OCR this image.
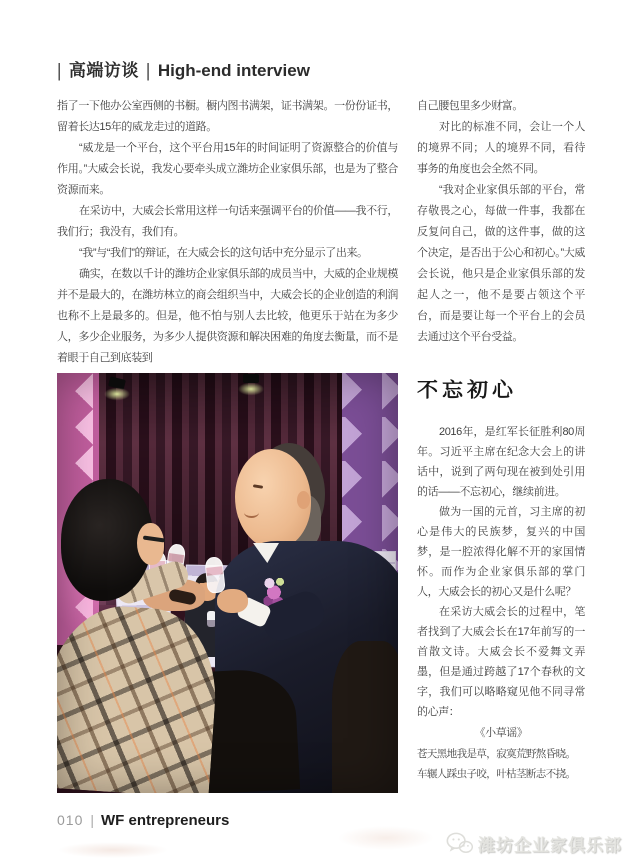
| 高端访谈 | High-end interview

指了一下他办公室西侧的书橱。橱内图书满架，证书满架。一份份证书，留着长达15年的威龙走过的道路。

“威龙是一个平台，这个平台用15年的时间证明了资源整合的价值与作用。”大威会长说，我发心要牵头成立潍坊企业家俱乐部，也是为了整合资源而来。

在采访中，大威会长常用这样一句话来强调平台的价值——我不行，我们行；我没有，我们有。

“我”与“我们”的辩证，在大威会长的这句话中充分显示了出来。

确实，在数以千计的潍坊企业家俱乐部的成员当中，大威的企业规模并不是最大的，在潍坊林立的商会组织当中，大威会长的企业创造的利润也称不上是最多的。但是，他不怕与别人去比较，他更乐于站在为多少人，多少企业服务，为多少人提供资源和解决困难的角度去衡量，而不是着眼于自己到底装到

自己腰包里多少财富。

对比的标准不同，会让一个人的境界不同；人的境界不同，看待事务的角度也会全然不同。

“我对企业家俱乐部的平台，常存敬畏之心，每做一件事，我都在反复问自己，做的这件事，做的这个决定，是否出于公心和初心。”大威会长说，他只是企业家俱乐部的发起人之一，他不是要占领这个平台，而是要让每一个平台上的会员去通过这个平台受益。

不忘初心

2016年，是红军长征胜利80周年。习近平主席在纪念大会上的讲话中，说到了两句现在被到处引用的话——不忘初心，继续前进。

做为一国的元首，习主席的初心是伟大的民族梦，复兴的中国梦，是一腔浓得化解不开的家国情怀。而作为企业家俱乐部的掌门人，大威会长的初心又是什么呢？

在采访大威会长的过程中，笔者找到了大威会长在17年前写的一首散文诗。大威会长不爱舞文弄墨，但是通过跨越了17个春秋的文字，我们可以略略窥见他不同寻常的心声：

《小草谣》

苍天黑地我是草，寂寞荒野熬昏晓。

车辗人踩虫子咬，叶枯茎断志不挠。

010 | WF entrepreneurs
潍坊企业家俱乐部
